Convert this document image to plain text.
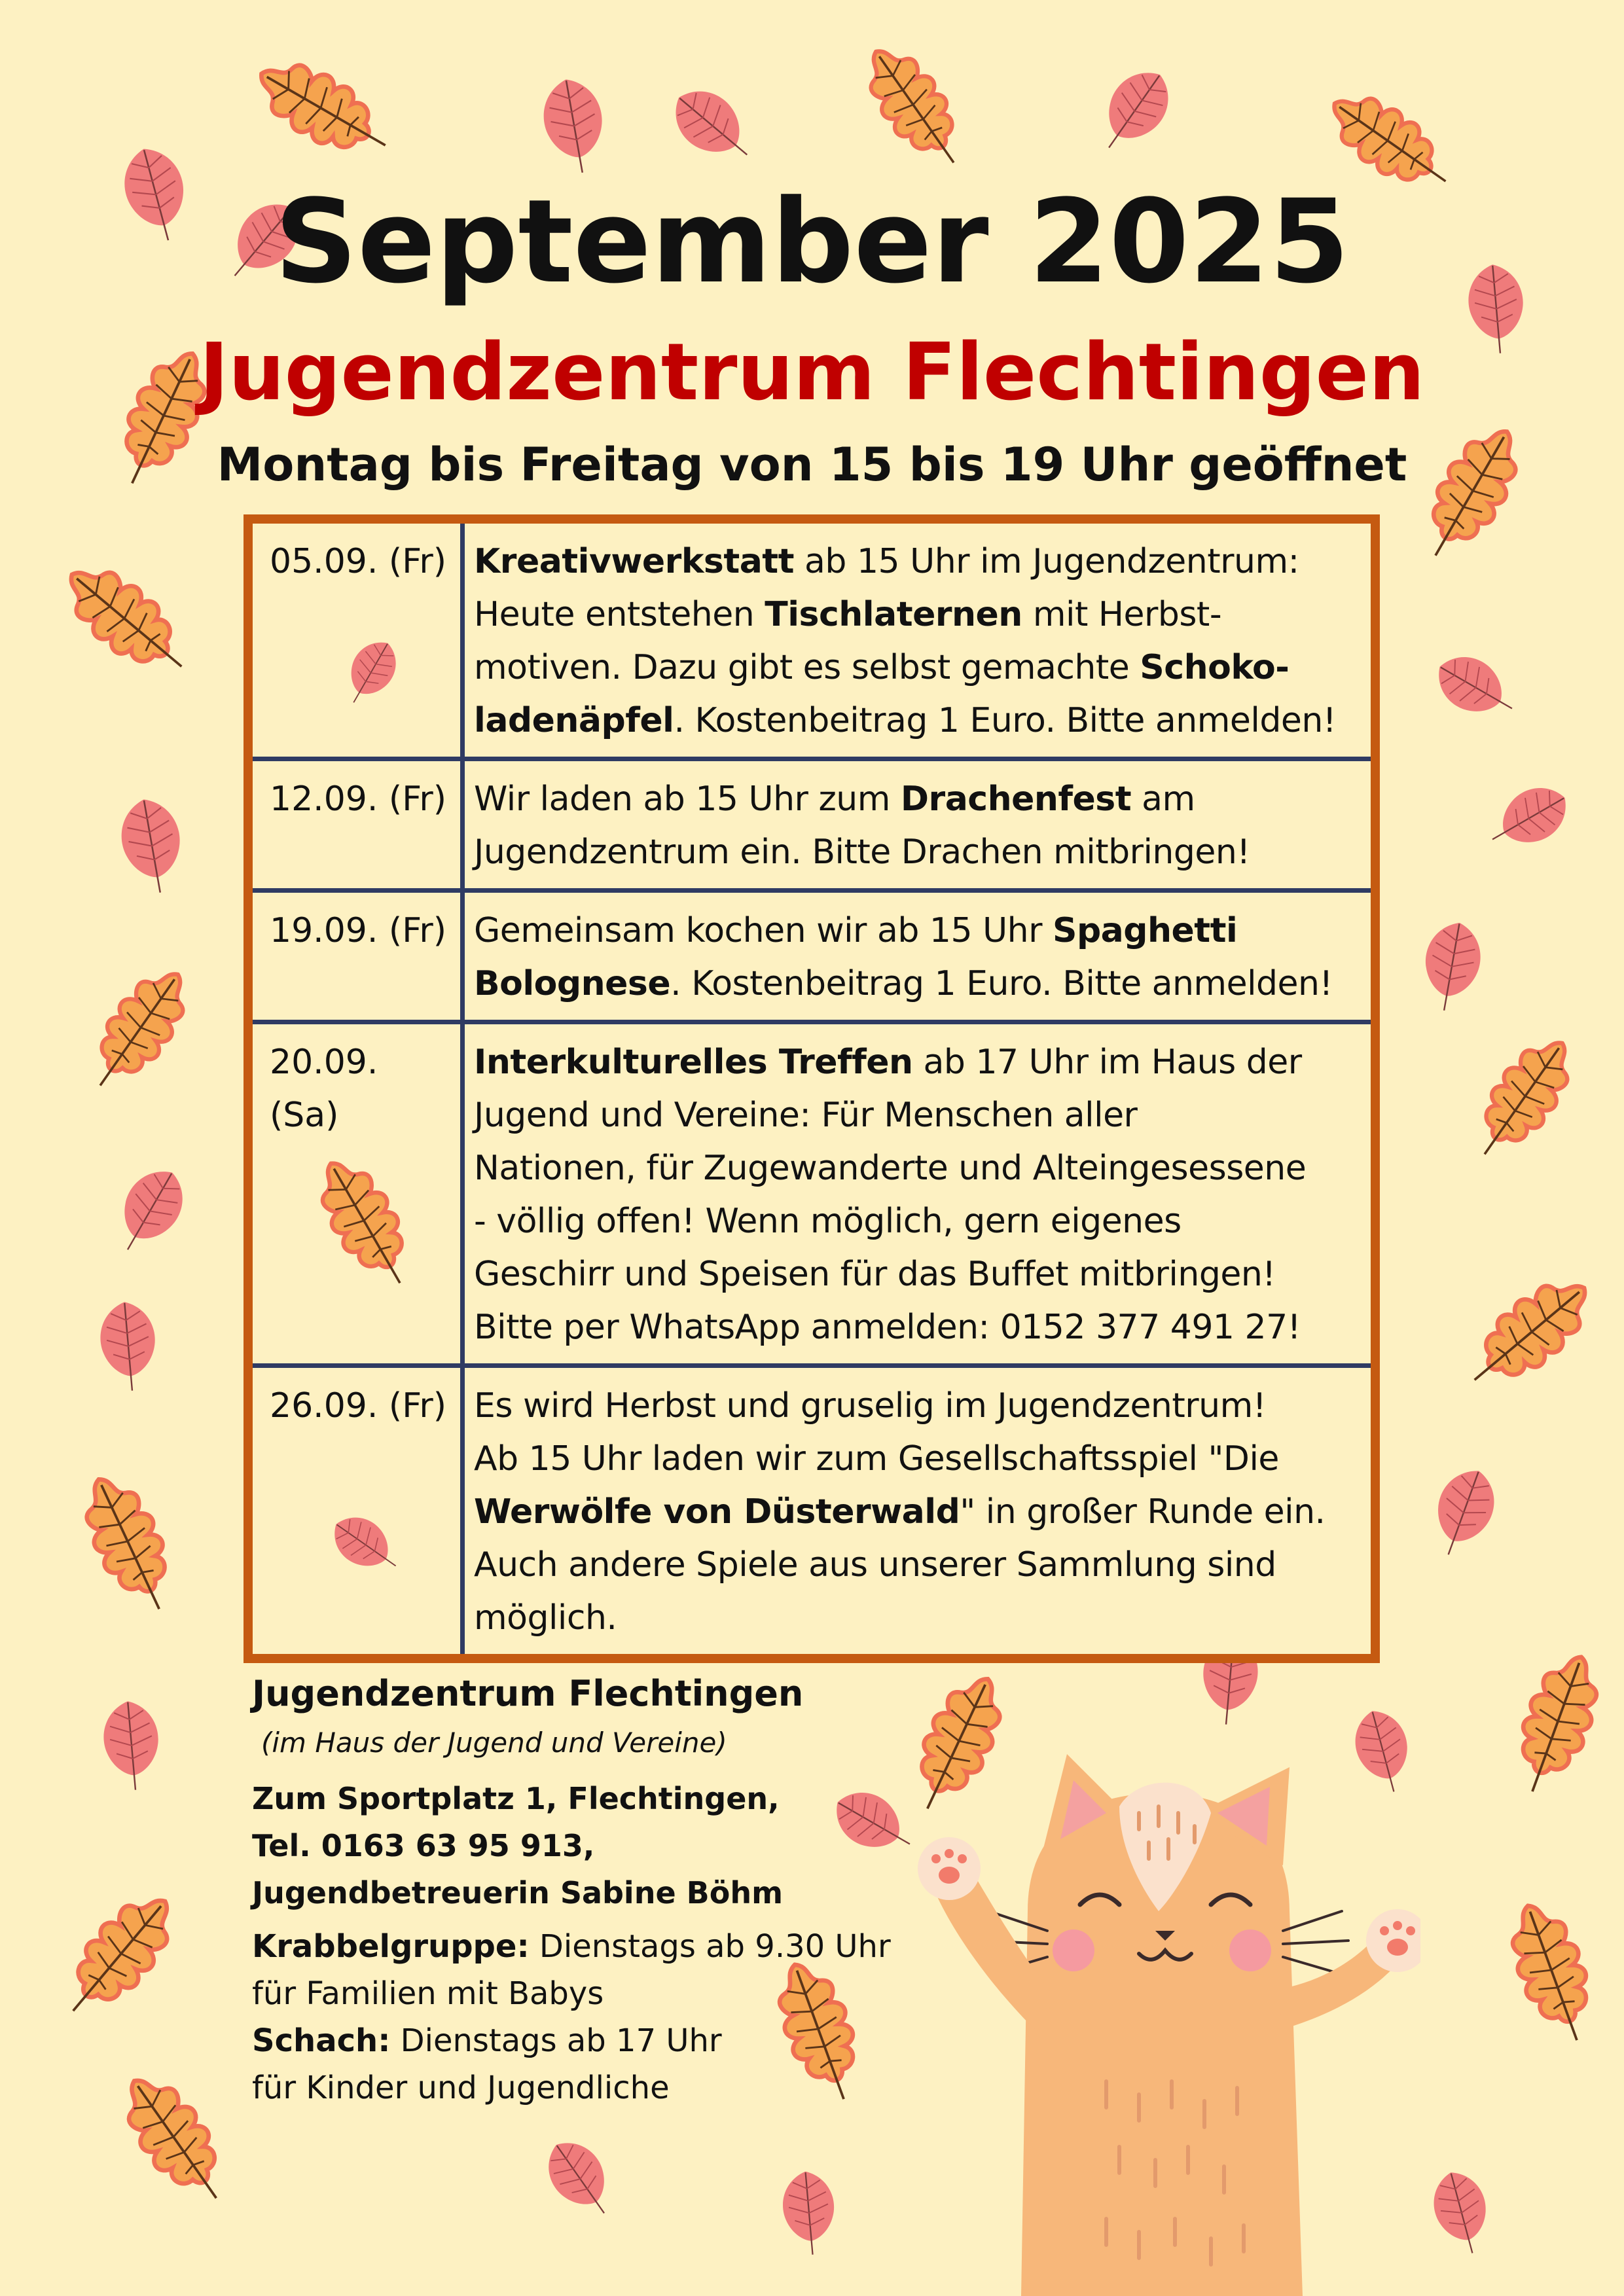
September 2025
Jugendzentrum Flechtingen
Montag bis Freitag von 15 bis 19 Uhr geöffnet
05.09. (Fr) Kreativwerkstatt ab 15 Uhr im Jugendzentrum:
Heute entstehen Tischlaternen mit Herbst-
motiven. Dazu gibt es selbst gemachte Schoko-
ladenäpfel. Kostenbeitrag 1 Euro. Bitte anmelden!
12.09. (Fr) Wir laden ab 15 Uhr zum Drachenfest am
Jugendzentrum ein. Bitte Drachen mitbringen!
19.09. (Fr) Gemeinsam kochen wir ab 15 Uhr Spaghetti
Bolognese. Kostenbeitrag 1 Euro. Bitte anmelden!
20.09. (Sa)
Interkulturelles Treffen ab 17 Uhr im Haus der
Jugend und Vereine: Für Menschen aller
Nationen, für Zugewanderte und Alteingesessene
- völlig offen! Wenn möglich, gern eigenes
Geschirr und Speisen für das Buffet mitbringen!
Bitte per WhatsApp anmelden: 0152 377 491 27!
26.09. (Fr) Es wird Herbst und gruselig im Jugendzentrum!
Ab 15 Uhr laden wir zum Gesellschaftsspiel "Die
Werwölfe von Düsterwald" in großer Runde ein.
Auch andere Spiele aus unserer Sammlung sind
möglich.
Jugendzentrum Flechtingen
(im Haus der Jugend und Vereine)
Zum Sportplatz 1, Flechtingen,
Tel. 0163 63 95 913,
Jugendbetreuerin Sabine Böhm
Krabbelgruppe: Dienstags ab 9.30 Uhr
für Familien mit Babys
Schach: Dienstags ab 17 Uhr
für Kinder und Jugendliche
